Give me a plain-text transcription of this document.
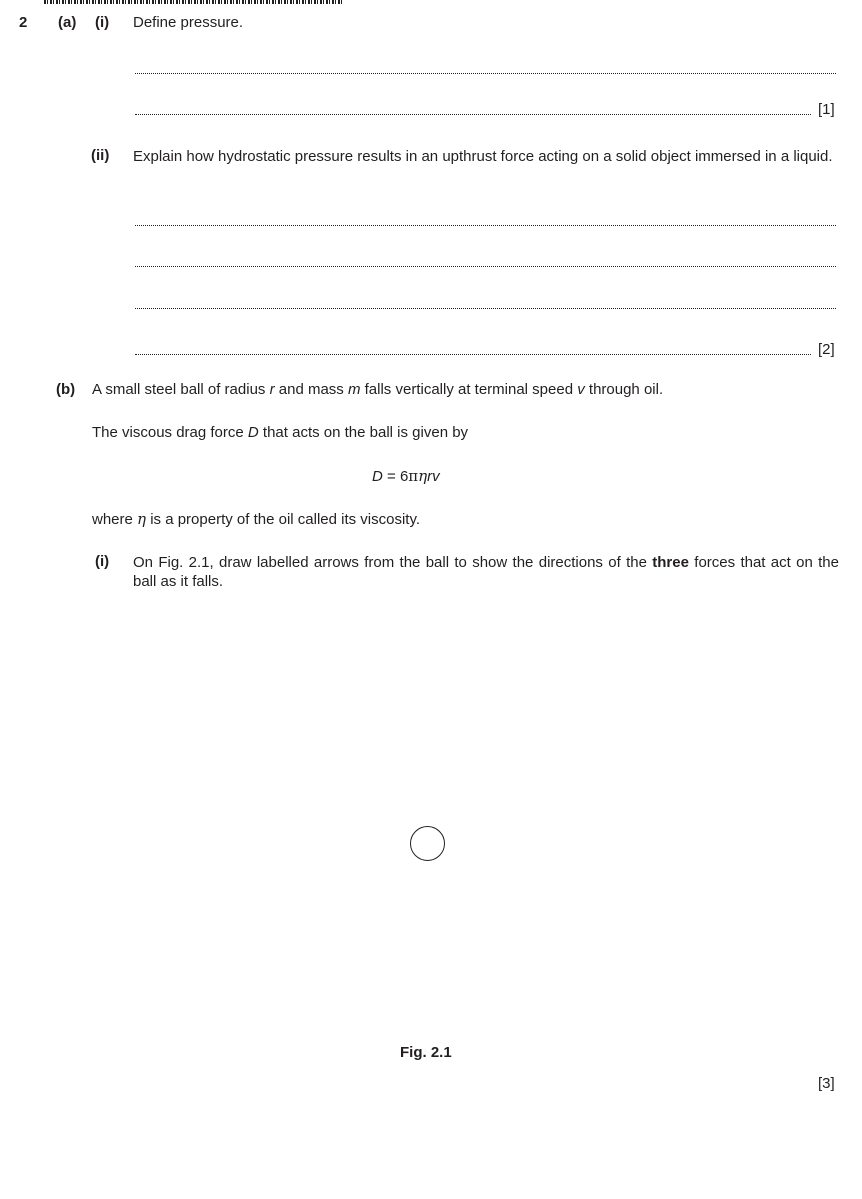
2 (a) (i) Define pressure.
[1]
(ii) Explain how hydrostatic pressure results in an upthrust force acting on a solid object immersed in a liquid.
[2]
(b) A small steel ball of radius r and mass m falls vertically at terminal speed v through oil.
The viscous drag force D that acts on the ball is given by
D = 6πηrv
where η is a property of the oil called its viscosity.
(i) On Fig. 2.1, draw labelled arrows from the ball to show the directions of the three forces that act on the ball as it falls.
Fig. 2.1
[3]
